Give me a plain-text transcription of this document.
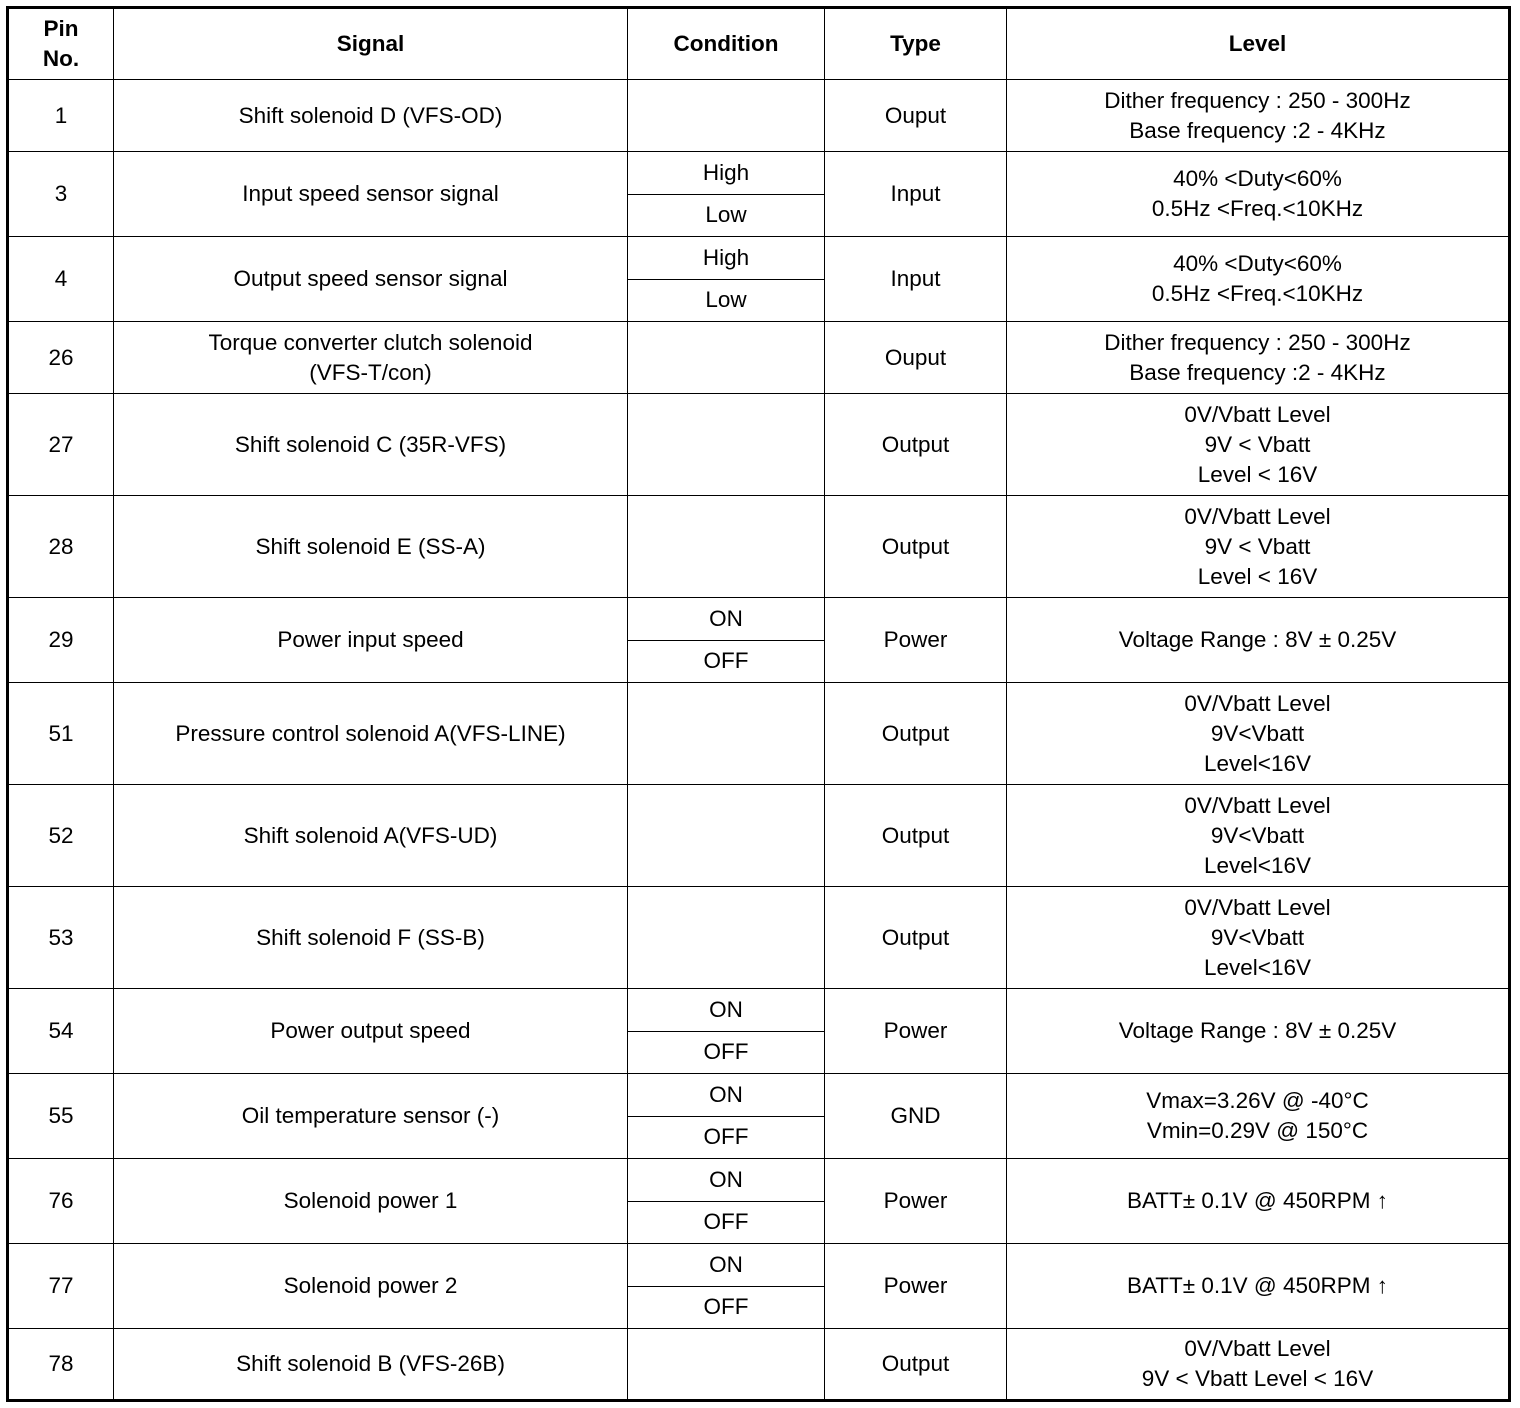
Pin
No.	Signal	Condition	Type	Level
1	Shift solenoid D (VFS-OD)		Ouput	Dither frequency : 250 - 300Hz
Base frequency :2 - 4KHz

3	Input speed sensor signal	High	Input	40% <Duty<60%
0.5Hz <Freq.<10KHz

		Low		
4	Output speed sensor signal	High	Input	40% <Duty<60%
0.5Hz <Freq.<10KHz

		Low		
26	Torque converter clutch solenoid
(VFS-T/con)		Ouput	Dither frequency : 250 - 300Hz
Base frequency :2 - 4KHz

27	Shift solenoid C (35R-VFS)		Output	0V/Vbatt Level
9V < Vbatt
Level < 16V

28	Shift solenoid E (SS-A)		Output	0V/Vbatt Level
9V < Vbatt
Level < 16V

29	Power input speed	ON	Power	Voltage Range : 8V ± 0.25V

		OFF		
51	Pressure control solenoid A(VFS-LINE)		Output	0V/Vbatt Level
9V<Vbatt
Level<16V

52	Shift solenoid A(VFS-UD)		Output	0V/Vbatt Level
9V<Vbatt
Level<16V

53	Shift solenoid F (SS-B)		Output	0V/Vbatt Level
9V<Vbatt
Level<16V

54	Power output speed	ON	Power	Voltage Range : 8V ± 0.25V

		OFF		
55	Oil temperature sensor (-)	ON	GND	Vmax=3.26V @ -40°C
Vmin=0.29V @ 150°C

		OFF		
76	Solenoid power 1	ON	Power	BATT± 0.1V @ 450RPM ↑

		OFF		
77	Solenoid power 2	ON	Power	BATT± 0.1V @ 450RPM ↑

		OFF		
78	Shift solenoid B (VFS-26B)		Output	0V/Vbatt Level
9V < Vbatt Level < 16V
